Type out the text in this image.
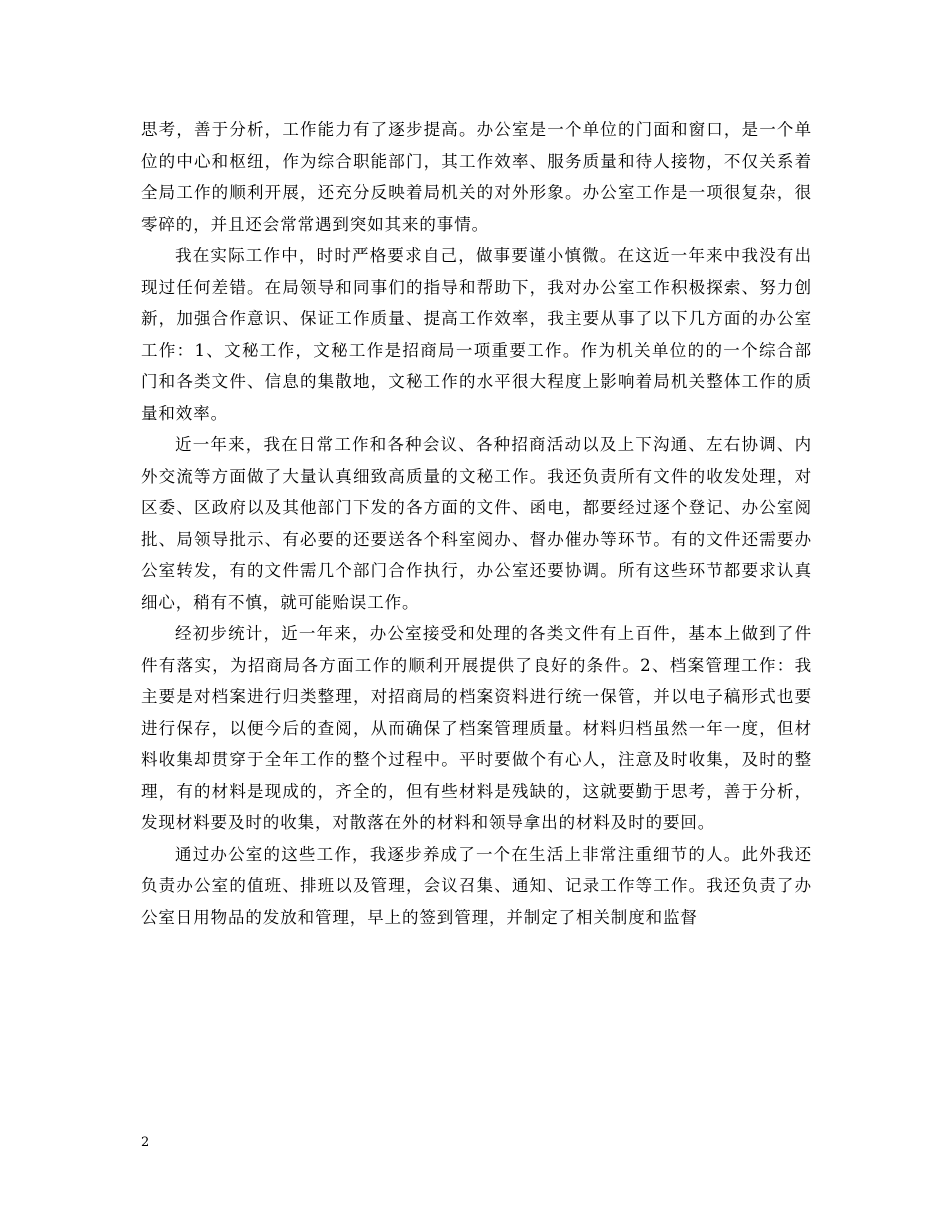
思考，善于分析，工作能力有了逐步提高。办公室是一个单位的门面和窗口，是一个单位的中心和枢纽，作为综合职能部门，其工作效率、服务质量和待人接物，不仅关系着全局工作的顺利开展，还充分反映着局机关的对外形象。办公室工作是一项很复杂，很零碎的，并且还会常常遇到突如其来的事情。

我在实际工作中，时时严格要求自己，做事要谨小慎微。在这近一年来中我没有出现过任何差错。在局领导和同事们的指导和帮助下，我对办公室工作积极探索、努力创新，加强合作意识、保证工作质量、提高工作效率，我主要从事了以下几方面的办公室工作：1、文秘工作，文秘工作是招商局一项重要工作。作为机关单位的的一个综合部门和各类文件、信息的集散地，文秘工作的水平很大程度上影响着局机关整体工作的质量和效率。

近一年来，我在日常工作和各种会议、各种招商活动以及上下沟通、左右协调、内外交流等方面做了大量认真细致高质量的文秘工作。我还负责所有文件的收发处理，对区委、区政府以及其他部门下发的各方面的文件、函电，都要经过逐个登记、办公室阅批、局领导批示、有必要的还要送各个科室阅办、督办催办等环节。有的文件还需要办公室转发，有的文件需几个部门合作执行，办公室还要协调。所有这些环节都要求认真细心，稍有不慎，就可能贻误工作。

经初步统计，近一年来，办公室接受和处理的各类文件有上百件，基本上做到了件件有落实，为招商局各方面工作的顺利开展提供了良好的条件。2、档案管理工作：我主要是对档案进行归类整理，对招商局的档案资料进行统一保管，并以电子稿形式也要进行保存，以便今后的查阅，从而确保了档案管理质量。材料归档虽然一年一度，但材料收集却贯穿于全年工作的整个过程中。平时要做个有心人，注意及时收集，及时的整理，有的材料是现成的，齐全的，但有些材料是残缺的，这就要勤于思考，善于分析，发现材料要及时的收集，对散落在外的材料和领导拿出的材料及时的要回。

通过办公室的这些工作，我逐步养成了一个在生活上非常注重细节的人。此外我还负责办公室的值班、排班以及管理，会议召集、通知、记录工作等工作。我还负责了办公室日用物品的发放和管理，早上的签到管理，并制定了相关制度和监督

2
